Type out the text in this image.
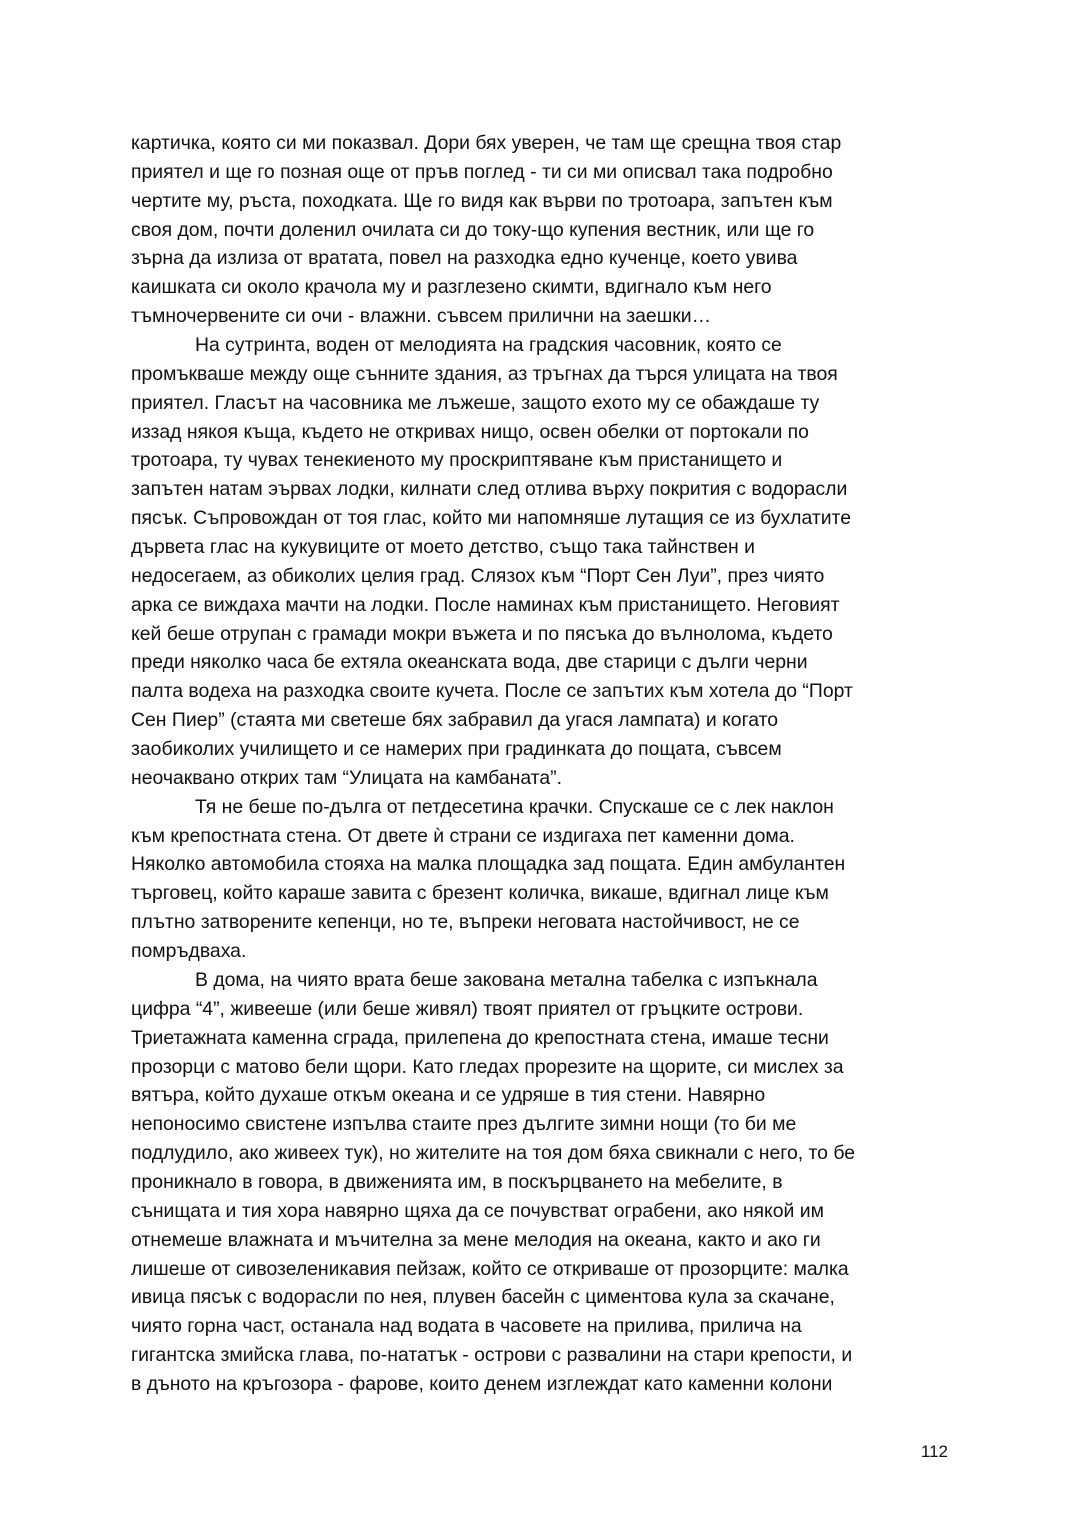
картичка, която си ми показвал. Дори бях уверен, че там ще срещна твоя стар
приятел и ще го позная още от пръв поглед - ти си ми описвал така подробно
чертите му, ръста, походката. Ще го видя как върви по тротоара, запътен към
своя дом, почти доленил очилата си до току-що купения вестник, или ще го
зърна да излиза от вратата, повел на разходка едно кученце, което увива
каишката си около крачола му и разглезено скимти, вдигнало към него
тъмночервените си очи - влажни. съвсем прилични на заешки…
На сутринта, воден от мелодията на градския часовник, която се
промъкваше между още сънните здания, аз тръгнах да търся улицата на твоя
приятел. Гласът на часовника ме лъжеше, защото ехото му се обаждаше ту
иззад някоя къща, където не откривах нищо, освен обелки от портокали по
тротоара, ту чувах тенекиеното му проскриптяване към пристанището и
запътен натам эървах лодки, килнати след отлива върху покрития с водорасли
пясък. Съпровождан от тоя глас, който ми напомняше лутащия се из бухлатите
дървета глас на кукувиците от моето детство, също така тайнствен и
недосегаем, аз обиколих целия град. Слязох към “Порт Сен Луи”, през чиято
арка се виждаха мачти на лодки. После наминах към пристанището. Неговият
кей беше отрупан с грамади мокри въжета и по пясъка до вълнолома, където
преди няколко часа бе ехтяла океанската вода, две старици с дълги черни
палта водеха на разходка своите кучета. После се запътих към хотела до “Порт
Сен Пиер” (стаята ми светеше бях забравил да угася лампата) и когато
заобиколих училището и се намерих при градинката до пощата, съвсем
неочаквано открих там “Улицата на камбаната”.
Тя не беше по-дълга от петдесетина крачки. Спускаше се с лек наклон
към крепостната стена. От двете ѝ страни се издигаха пет каменни дома.
Няколко автомобила стояха на малка площадка зад пощата. Един амбулантен
търговец, който караше завита с брезент количка, викаше, вдигнал лице към
плътно затворените кепенци, но те, въпреки неговата настойчивост, не се
помръдваха.
В дома, на чиято врата беше закована метална табелка с изпъкнала
цифра “4”, живееше (или беше живял) твоят приятел от гръцките острови.
Триетажната каменна сграда, прилепена до крепостната стена, имаше тесни
прозорци с матово бели щори. Като гледах прорезите на щорите, си мислех за
вятъра, който духаше откъм океана и се удряше в тия стени. Навярно
непоносимо свистене изпълва стаите през дългите зимни нощи (то би ме
подлудило, ако живеех тук), но жителите на тоя дом бяха свикнали с него, то бе
проникнало в говора, в движенията им, в поскърцването на мебелите, в
сънищата и тия хора навярно щяха да се почувстват ограбени, ако някой им
отнемеше влажната и мъчителна за мене мелодия на океана, както и ако ги
лишеше от сивозеленикавия пейзаж, който се откриваше от прозорците: малка
ивица пясък с водорасли по нея, плувен басейн с циментова кула за скачане,
чиято горна част, останала над водата в часовете на прилива, прилича на
гигантска змийска глава, по-нататък - острови с развалини на стари крепости, и
в дъното на кръгозора - фарове, които денем изглеждат като каменни колони
112
